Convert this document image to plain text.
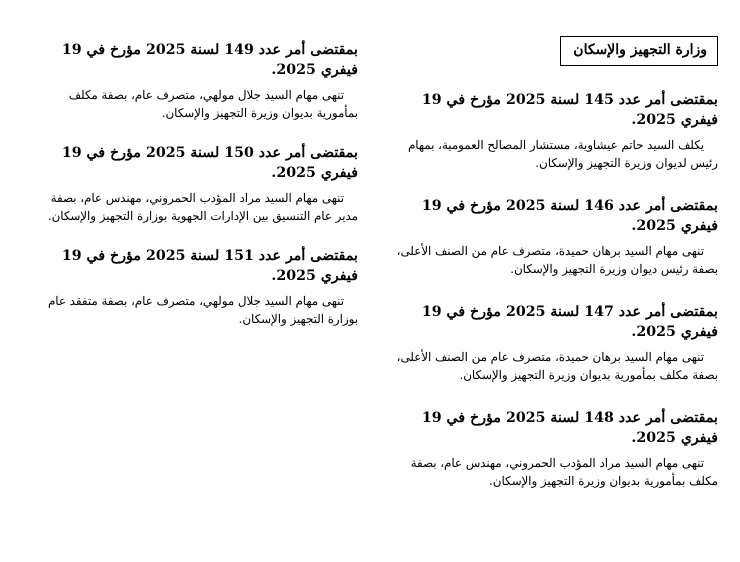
وزارة التجهيز والإسكان
بمقتضى أمر عدد 145 لسنة 2025 مؤرخ في 19 فيفري 2025.

يكلف السيد حاتم عيشاوية، مستشار المصالح العمومية، بمهام رئيس لديوان وزيرة التجهيز والإسكان.

بمقتضى أمر عدد 146 لسنة 2025 مؤرخ في 19 فيفري 2025.

تنهى مهام السيد برهان حميدة، متصرف عام من الصنف الأعلى، بصفة رئيس ديوان وزيرة التجهيز والإسكان.

بمقتضى أمر عدد 147 لسنة 2025 مؤرخ في 19 فيفري 2025.

تنهى مهام السيد برهان حميدة، متصرف عام من الصنف الأعلى، بصفة مكلف بمأمورية بديوان وزيرة التجهيز والإسكان.

بمقتضى أمر عدد 148 لسنة 2025 مؤرخ في 19 فيفري 2025.

تنهى مهام السيد مراد المؤدب الحمروني، مهندس عام، بصفة مكلف بمأمورية بديوان وزيرة التجهيز والإسكان.

بمقتضى أمر عدد 149 لسنة 2025 مؤرخ في 19 فيفري 2025.

تنهى مهام السيد جلال مولهي، متصرف عام، بصفة مكلف بمأمورية بديوان وزيرة التجهيز والإسكان.

بمقتضى أمر عدد 150 لسنة 2025 مؤرخ في 19 فيفري 2025.

تنهى مهام السيد مراد المؤدب الحمروني، مهندس عام، بصفة مدير عام التنسيق بين الإدارات الجهوية بوزارة التجهيز والإسكان.

بمقتضى أمر عدد 151 لسنة 2025 مؤرخ في 19 فيفري 2025.

تنهى مهام السيد جلال مولهي، متصرف عام، بصفة متفقد عام بوزارة التجهيز والإسكان.
